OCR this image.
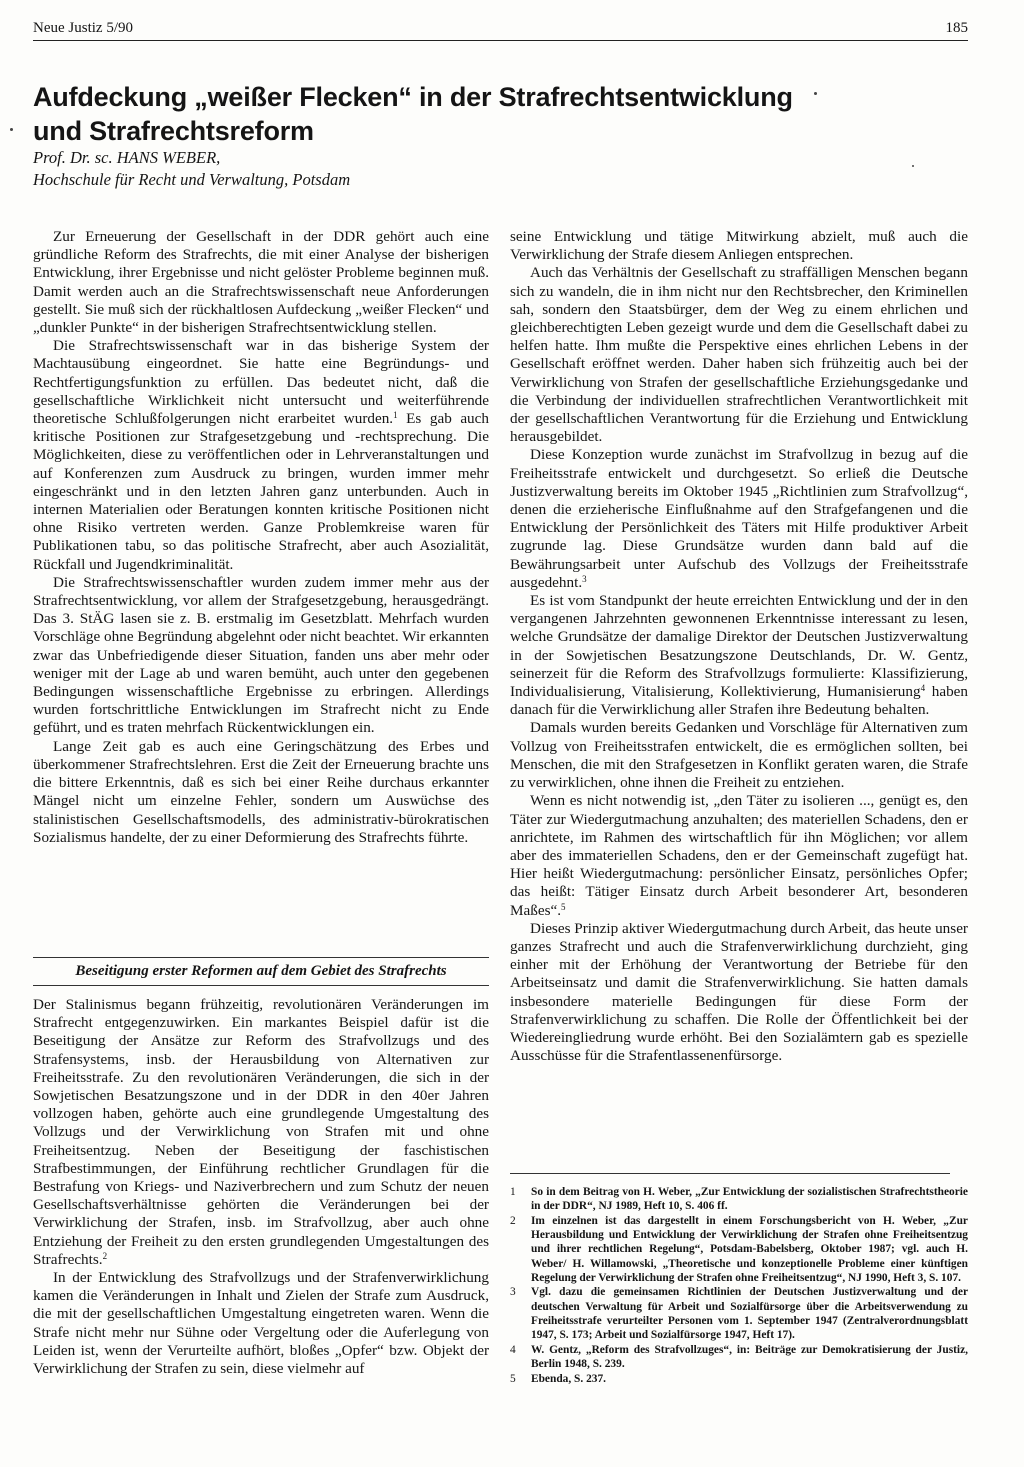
Neue Justiz 5/90	185
Aufdeckung „weißer Flecken“ in der Strafrechtsentwicklung
und Strafrechtsreform
Prof. Dr. sc. HANS WEBER,
Hochschule für Recht und Verwaltung, Potsdam

Zur Erneuerung der Gesellschaft in der DDR gehört auch eine gründliche Reform des Strafrechts, die mit einer Analyse der bisherigen Entwicklung, ihrer Ergebnisse und nicht gelöster Probleme beginnen muß. Damit werden auch an die Strafrechtswissenschaft neue Anforderungen gestellt. Sie muß sich der rückhaltlosen Aufdeckung „weißer Flecken“ und „dunkler Punkte“ in der bisherigen Strafrechtsentwicklung stellen.

Die Strafrechtswissenschaft war in das bisherige System der Machtausübung eingeordnet. Sie hatte eine Begründungs- und Rechtfertigungsfunktion zu erfüllen. Das bedeutet nicht, daß die gesellschaftliche Wirklichkeit nicht untersucht und weiterführende theoretische Schlußfolgerungen nicht erarbeitet wurden.$^1$ Es gab auch kritische Positionen zur Strafgesetzgebung und -rechtsprechung. Die Möglichkeiten, diese zu veröffentlichen oder in Lehrveranstaltungen und auf Konferenzen zum Ausdruck zu bringen, wurden immer mehr eingeschränkt und in den letzten Jahren ganz unterbunden. Auch in internen Materialien oder Beratungen konnten kritische Positionen nicht ohne Risiko vertreten werden. Ganze Problemkreise waren für Publikationen tabu, so das politische Strafrecht, aber auch Asozialität, Rückfall und Jugendkriminalität.

Die Strafrechtswissenschaftler wurden zudem immer mehr aus der Strafrechtsentwicklung, vor allem der Strafgesetzgebung, herausgedrängt. Das 3. StÄG lasen sie z. B. erstmalig im Gesetzblatt. Mehrfach wurden Vorschläge ohne Begründung abgelehnt oder nicht beachtet. Wir erkannten zwar das Unbefriedigende dieser Situation, fanden uns aber mehr oder weniger mit der Lage ab und waren bemüht, auch unter den gegebenen Bedingungen wissenschaftliche Ergebnisse zu erbringen. Allerdings wurden fortschrittliche Entwicklungen im Strafrecht nicht zu Ende geführt, und es traten mehrfach Rückentwicklungen ein.

Lange Zeit gab es auch eine Geringschätzung des Erbes und überkommener Strafrechtslehren. Erst die Zeit der Erneuerung brachte uns die bittere Erkenntnis, daß es sich bei einer Reihe durchaus erkannter Mängel nicht um einzelne Fehler, sondern um Auswüchse des stalinistischen Gesellschaftsmodells, des administrativ-bürokratischen Sozialismus handelte, der zu einer Deformierung des Strafrechts führte.

Beseitigung erster Reformen auf dem Gebiet des Strafrechts

Der Stalinismus begann frühzeitig, revolutionären Veränderungen im Strafrecht entgegenzuwirken. Ein markantes Beispiel dafür ist die Beseitigung der Ansätze zur Reform des Strafvollzugs und des Strafensystems, insb. der Herausbildung von Alternativen zur Freiheitsstrafe. Zu den revolutionären Veränderungen, die sich in der Sowjetischen Besatzungszone und in der DDR in den 40er Jahren vollzogen haben, gehörte auch eine grundlegende Umgestaltung des Vollzugs und der Verwirklichung von Strafen mit und ohne Freiheitsentzug. Neben der Beseitigung der faschistischen Strafbestimmungen, der Einführung rechtlicher Grundlagen für die Bestrafung von Kriegs- und Naziverbrechern und zum Schutz der neuen Gesellschaftsverhältnisse gehörten die Veränderungen bei der Verwirklichung der Strafen, insb. im Strafvollzug, aber auch ohne Entziehung der Freiheit zu den ersten grundlegenden Umgestaltungen des Strafrechts.$^2$

In der Entwicklung des Strafvollzugs und der Strafenverwirklichung kamen die Veränderungen in Inhalt und Zielen der Strafe zum Ausdruck, die mit der gesellschaftlichen Umgestaltung eingetreten waren. Wenn die Strafe nicht mehr nur Sühne oder Vergeltung oder die Auferlegung von Leiden ist, wenn der Verurteilte aufhört, bloßes „Opfer“ bzw. Objekt der Verwirklichung der Strafen zu sein, diese vielmehr auf

seine Entwicklung und tätige Mitwirkung abzielt, muß auch die Verwirklichung der Strafe diesem Anliegen entsprechen.

Auch das Verhältnis der Gesellschaft zu straffälligen Menschen begann sich zu wandeln, die in ihm nicht nur den Rechtsbrecher, den Kriminellen sah, sondern den Staatsbürger, dem der Weg zu einem ehrlichen und gleichberechtigten Leben gezeigt wurde und dem die Gesellschaft dabei zu helfen hatte. Ihm mußte die Perspektive eines ehrlichen Lebens in der Gesellschaft eröffnet werden. Daher haben sich frühzeitig auch bei der Verwirklichung von Strafen der gesellschaftliche Erziehungsgedanke und die Verbindung der individuellen strafrechtlichen Verantwortlichkeit mit der gesellschaftlichen Verantwortung für die Erziehung und Entwicklung herausgebildet.

Diese Konzeption wurde zunächst im Strafvollzug in bezug auf die Freiheitsstrafe entwickelt und durchgesetzt. So erließ die Deutsche Justizverwaltung bereits im Oktober 1945 „Richtlinien zum Strafvollzug“, denen die erzieherische Einflußnahme auf den Strafgefangenen und die Entwicklung der Persönlichkeit des Täters mit Hilfe produktiver Arbeit zugrunde lag. Diese Grundsätze wurden dann bald auf die Bewährungsarbeit unter Aufschub des Vollzugs der Freiheitsstrafe ausgedehnt.$^3$

Es ist vom Standpunkt der heute erreichten Entwicklung und der in den vergangenen Jahrzehnten gewonnenen Erkenntnisse interessant zu lesen, welche Grundsätze der damalige Direktor der Deutschen Justizverwaltung in der Sowjetischen Besatzungszone Deutschlands, Dr. W. Gentz, seinerzeit für die Reform des Strafvollzugs formulierte: Klassifizierung, Individualisierung, Vitalisierung, Kollektivierung, Humanisierung$^4$ haben danach für die Verwirklichung aller Strafen ihre Bedeutung behalten.

Damals wurden bereits Gedanken und Vorschläge für Alternativen zum Vollzug von Freiheitsstrafen entwickelt, die es ermöglichen sollten, bei Menschen, die mit den Strafgesetzen in Konflikt geraten waren, die Strafe zu verwirklichen, ohne ihnen die Freiheit zu entziehen.

Wenn es nicht notwendig ist, „den Täter zu isolieren ..., genügt es, den Täter zur Wiedergutmachung anzuhalten; des materiellen Schadens, den er anrichtete, im Rahmen des wirtschaftlich für ihn Möglichen; vor allem aber des immateriellen Schadens, den er der Gemeinschaft zugefügt hat. Hier heißt Wiedergutmachung: persönlicher Einsatz, persönliches Opfer; das heißt: Tätiger Einsatz durch Arbeit besonderer Art, besonderen Maßes“.$^5$

Dieses Prinzip aktiver Wiedergutmachung durch Arbeit, das heute unser ganzes Strafrecht und auch die Strafenverwirklichung durchzieht, ging einher mit der Erhöhung der Verantwortung der Betriebe für den Arbeitseinsatz und damit die Strafenverwirklichung. Sie hatten damals insbesondere materielle Bedingungen für diese Form der Strafenverwirklichung zu schaffen. Die Rolle der Öffentlichkeit bei der Wiedereingliedrung wurde erhöht. Bei den Sozialämtern gab es spezielle Ausschüsse für die Strafentlassenenfürsorge.

1 So in dem Beitrag von H. Weber, „Zur Entwicklung der sozialistischen Strafrechtstheorie in der DDR“, NJ 1989, Heft 10, S. 406 ff.
2 Im einzelnen ist das dargestellt in einem Forschungsbericht von H. Weber, „Zur Herausbildung und Entwicklung der Verwirklichung der Strafen ohne Freiheitsentzug und ihrer rechtlichen Regelung“, Potsdam-Babelsberg, Oktober 1987; vgl. auch H. Weber/ H. Willamowski, „Theoretische und konzeptionelle Probleme einer künftigen Regelung der Verwirklichung der Strafen ohne Freiheitsentzug“, NJ 1990, Heft 3, S. 107.
3 Vgl. dazu die gemeinsamen Richtlinien der Deutschen Justizverwaltung und der deutschen Verwaltung für Arbeit und Sozialfürsorge über die Arbeitsverwendung zu Freiheitsstrafe verurteilter Personen vom 1. September 1947 (Zentralverordnungsblatt 1947, S. 173; Arbeit und Sozialfürsorge 1947, Heft 17).
4 W. Gentz, „Reform des Strafvollzuges“, in: Beiträge zur Demokratisierung der Justiz, Berlin 1948, S. 239.
5 Ebenda, S. 237.
